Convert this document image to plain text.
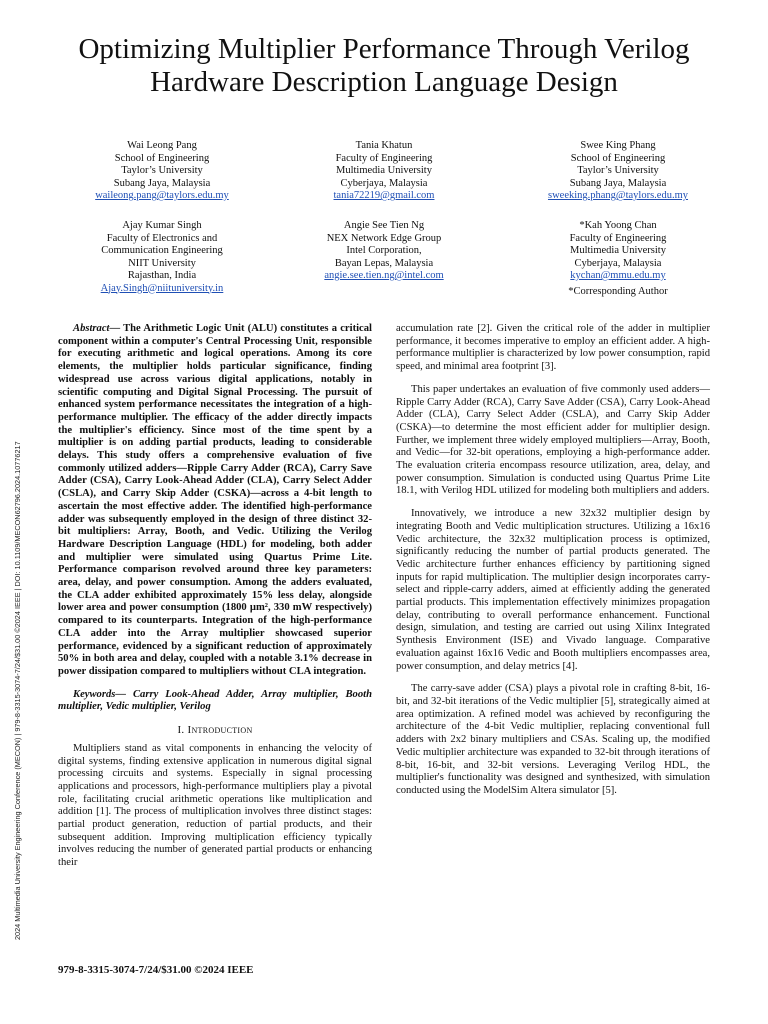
Optimizing Multiplier Performance Through Verilog
Hardware Description Language Design
Wai Leong Pang
School of Engineering
Taylor’s University
Subang Jaya, Malaysia
waileong.pang@taylors.edu.my
Tania Khatun
Faculty of Engineering
Multimedia University
Cyberjaya, Malaysia
tania72219@gmail.com
Swee King Phang
School of Engineering
Taylor’s University
Subang Jaya, Malaysia
sweeking.phang@taylors.edu.my
Ajay Kumar Singh
Faculty of Electronics and
Communication Engineering
NIIT University
Rajasthan, India
Ajay.Singh@niituniversity.in
Angie See Tien Ng
NEX Network Edge Group
Intel Corporation,
Bayan Lepas, Malaysia
angie.see.tien.ng@intel.com
*Kah Yoong Chan
Faculty of Engineering
Multimedia University
Cyberjaya, Malaysia
kychan@mmu.edu.my
*Corresponding Author
2024 Multimedia University Engineering Conference (MECON) | 979-8-3315-3074-7/24/$31.00 ©2024 IEEE | DOI: 10.1109/MECON62796.2024.10776217

Abstract— The Arithmetic Logic Unit (ALU) constitutes a critical component within a computer's Central Processing Unit, responsible for executing arithmetic and logical operations. Among its core elements, the multiplier holds particular significance, finding widespread use across various digital applications, notably in scientific computing and Digital Signal Processing. The pursuit of enhanced system performance necessitates the integration of a high-performance multiplier. The efficacy of the adder directly impacts the multiplier's efficiency. Since most of the time spent by a multiplier is on adding partial products, leading to considerable delays. This study offers a comprehensive evaluation of five commonly utilized adders—Ripple Carry Adder (RCA), Carry Save Adder (CSA), Carry Look-Ahead Adder (CLA), Carry Select Adder (CSLA), and Carry Skip Adder (CSKA)—across a 4-bit length to ascertain the most effective adder. The identified high-performance adder was subsequently employed in the design of three distinct 32-bit multipliers: Array, Booth, and Vedic. Utilizing the Verilog Hardware Description Language (HDL) for modeling, both adder and multiplier were simulated using Quartus Prime Lite. Performance comparison revolved around three key parameters: area, delay, and power consumption. Among the adders evaluated, the CLA adder exhibited approximately 15% less delay, alongside lower area and power consumption (1800 µm², 330 mW respectively) compared to its counterparts. Integration of the high-performance CLA adder into the Array multiplier showcased superior performance, evidenced by a significant reduction of approximately 50% in both area and delay, coupled with a notable 3.1% decrease in power dissipation compared to multipliers without CLA integration.

Keywords— Carry Look-Ahead Adder, Array multiplier, Booth multiplier, Vedic multiplier, Verilog

I. Introduction

Multipliers stand as vital components in enhancing the velocity of digital systems, finding extensive application in numerous digital signal processing circuits and systems. Especially in signal processing applications and processors, high-performance multipliers play a pivotal role, facilitating crucial arithmetic operations like multiplication and addition [1]. The process of multiplication involves three distinct stages: partial product generation, reduction of partial products, and their subsequent addition. Improving multiplication efficiency typically involves reducing the number of generated partial products or enhancing their

accumulation rate [2]. Given the critical role of the adder in multiplier performance, it becomes imperative to employ an efficient adder. A high-performance multiplier is characterized by low power consumption, rapid speed, and minimal area footprint [3].

This paper undertakes an evaluation of five commonly used adders—Ripple Carry Adder (RCA), Carry Save Adder (CSA), Carry Look-Ahead Adder (CLA), Carry Select Adder (CSLA), and Carry Skip Adder (CSKA)—to determine the most efficient adder for multiplier design. Further, we implement three widely employed multipliers—Array, Booth, and Vedic—for 32-bit operations, employing a high-performance adder. The evaluation criteria encompass resource utilization, area, delay, and power consumption. Simulation is conducted using Quartus Prime Lite 18.1, with Verilog HDL utilized for modeling both multipliers and adders.

Innovatively, we introduce a new 32x32 multiplier design by integrating Booth and Vedic multiplication structures. Utilizing a 16x16 Vedic architecture, the 32x32 multiplication process is optimized, significantly reducing the number of partial products generated. The Vedic architecture further enhances efficiency by partitioning signed inputs for rapid multiplication. The multiplier design incorporates carry-select and ripple-carry adders, aimed at efficiently adding the generated partial products. This implementation effectively minimizes propagation delay, contributing to overall performance enhancement. Functional design, simulation, and testing are carried out using Xilinx Integrated Synthesis Environment (ISE) and Vivado language. Comparative evaluation against 16x16 Vedic and Booth multipliers encompasses area, power consumption, and delay metrics [4].

The carry-save adder (CSA) plays a pivotal role in crafting 8-bit, 16-bit, and 32-bit iterations of the Vedic multiplier [5], strategically aimed at area optimization. A refined model was achieved by reconfiguring the architecture of the 4-bit Vedic multiplier, replacing conventional full adders with 2x2 binary multipliers and CSAs. Scaling up, the modified Vedic multiplier architecture was expanded to 32-bit through iterations of 8-bit, 16-bit, and 32-bit versions. Leveraging Verilog HDL, the multiplier's functionality was designed and synthesized, with simulation conducted using the ModelSim Altera simulator [5].

979-8-3315-3074-7/24/$31.00 ©2024 IEEE
